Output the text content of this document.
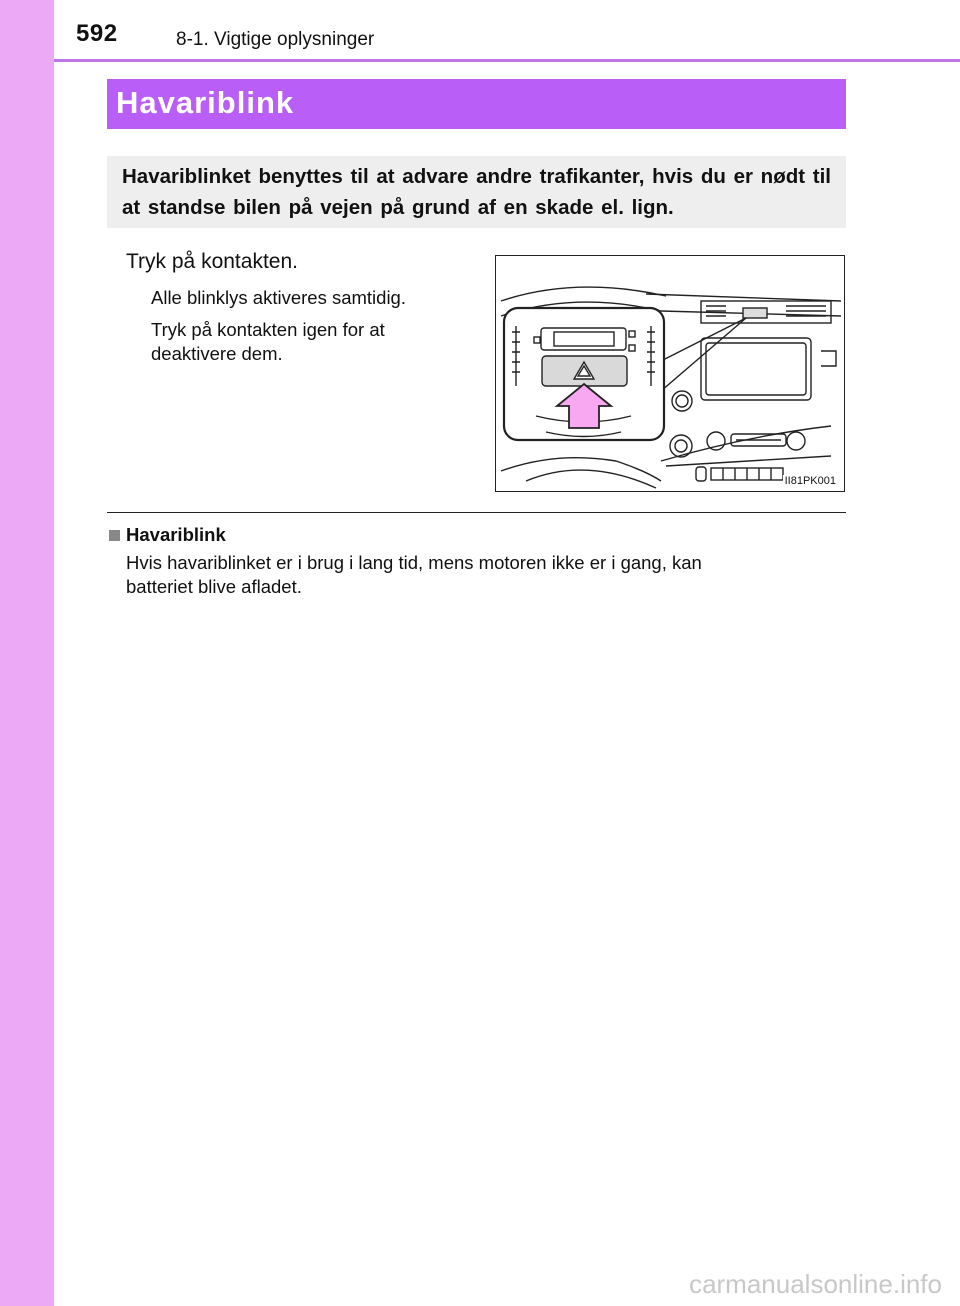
592	8-1. Vigtige oplysninger
Havariblink
Havariblinket benyttes til at advare andre trafikanter, hvis du er nødt til at standse bilen på vejen på grund af en skade el. lign.
Tryk på kontakten.
Alle blinklys aktiveres samtidig.
Tryk på kontakten igen for at deaktivere dem.
II81PK001
Havariblink
Hvis havariblinket er i brug i lang tid, mens motoren ikke er i gang, kan batteriet blive afladet.
carmanualsonline.info
